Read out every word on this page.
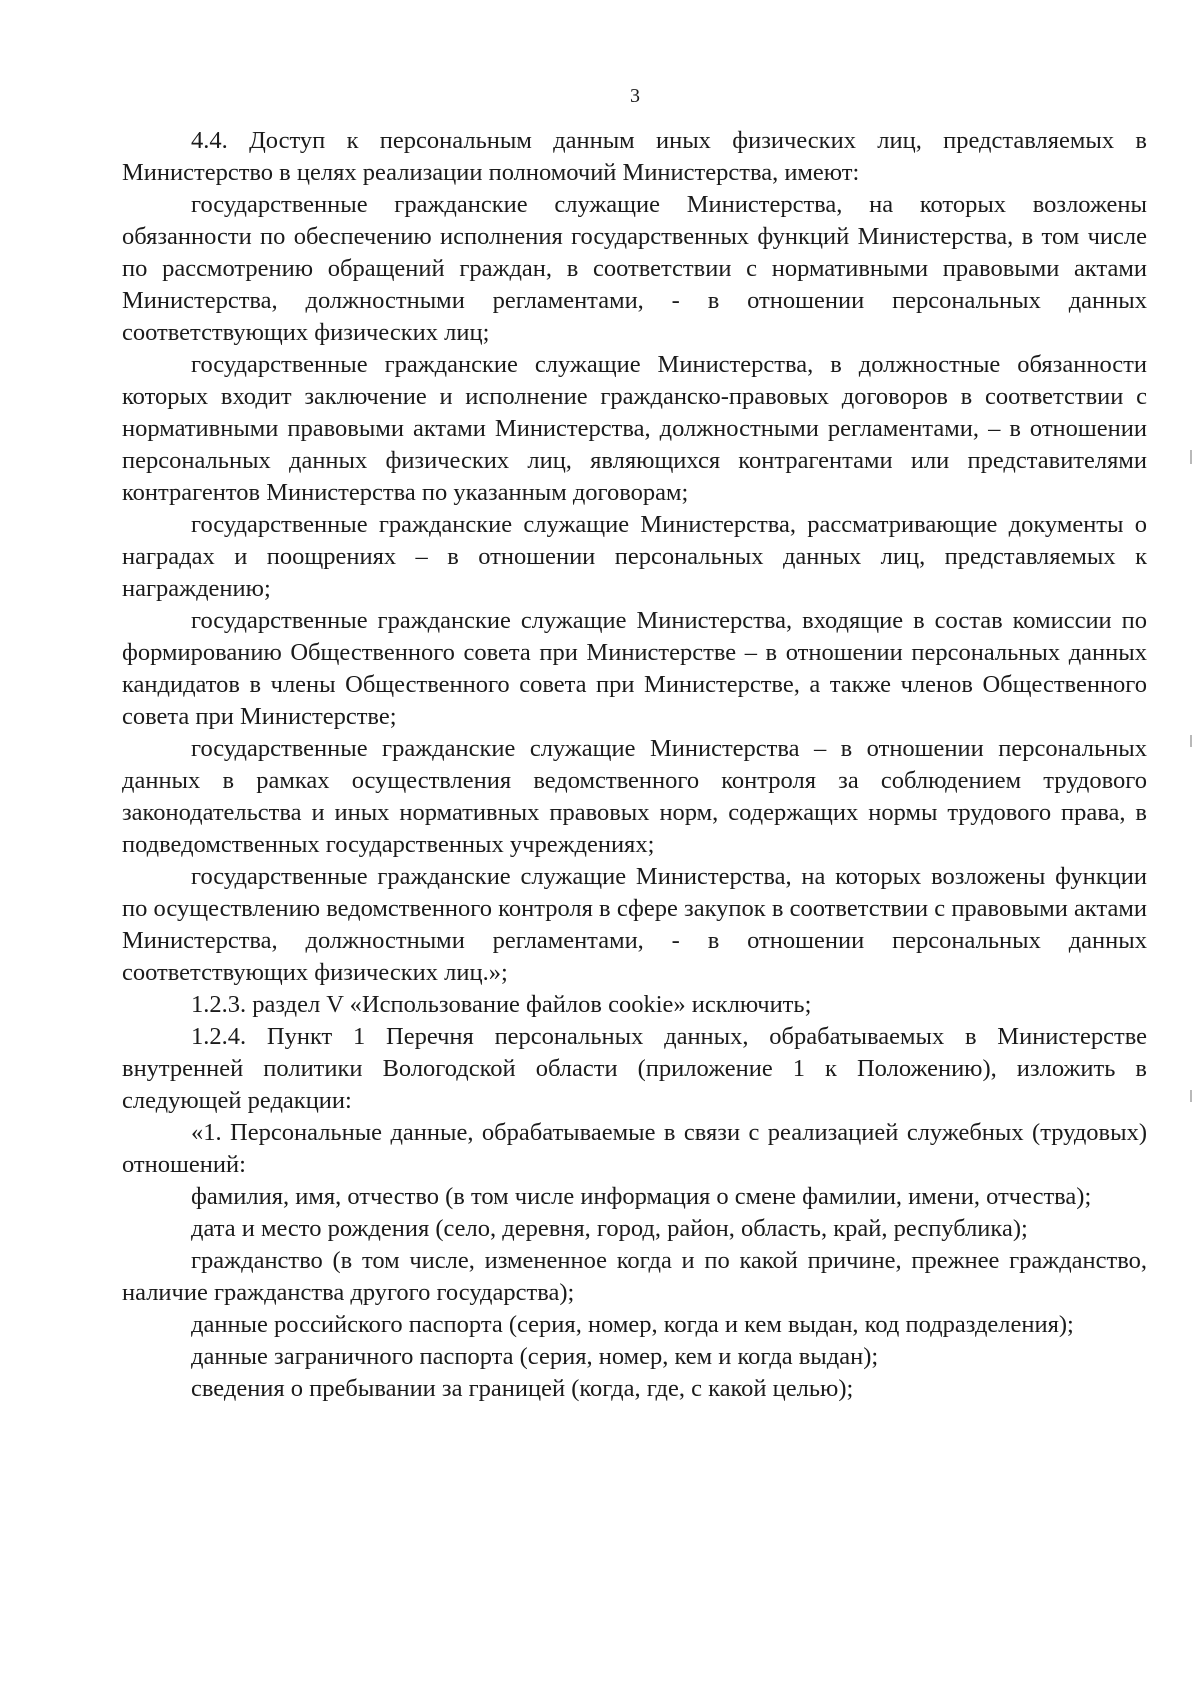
3

4.4. Доступ к персональным данным иных физических лиц, представляемых в Министерство в целях реализации полномочий Министерства, имеют:

государственные гражданские служащие Министерства, на которых возложены обязанности по обеспечению исполнения государственных функций Министерства, в том числе по рассмотрению обращений граждан, в соответствии с нормативными правовыми актами Министерства, должностными регламентами, - в отношении персональных данных соответствующих физических лиц;

государственные гражданские служащие Министерства, в должностные обязанности которых входит заключение и исполнение гражданско-правовых договоров в соответствии с нормативными правовыми актами Министерства, должностными регламентами, – в отношении персональных данных физических лиц, являющихся контрагентами или представителями контрагентов Министерства по указанным договорам;

государственные гражданские служащие Министерства, рассматривающие документы о наградах и поощрениях – в отношении персональных данных лиц, представляемых к награждению;

государственные гражданские служащие Министерства, входящие в состав комиссии по формированию Общественного совета при Министерстве – в отношении персональных данных кандидатов в члены Общественного совета при Министерстве, а также членов Общественного совета при Министерстве;

государственные гражданские служащие Министерства – в отношении персональных данных в рамках осуществления ведомственного контроля за соблюдением трудового законодательства и иных нормативных правовых норм, содержащих нормы трудового права, в подведомственных государственных учреждениях;

государственные гражданские служащие Министерства, на которых возложены функции по осуществлению ведомственного контроля в сфере закупок в соответствии с правовыми актами Министерства, должностными регламентами, - в отношении персональных данных соответствующих физических лиц.»;

1.2.3. раздел V «Использование файлов cookie» исключить;

1.2.4. Пункт 1 Перечня персональных данных, обрабатываемых в Министерстве внутренней политики Вологодской области (приложение 1 к Положению), изложить в следующей редакции:

«1. Персональные данные, обрабатываемые в связи с реализацией служебных (трудовых) отношений:

фамилия, имя, отчество (в том числе информация о смене фамилии, имени, отчества);

дата и место рождения (село, деревня, город, район, область, край, республика);

гражданство (в том числе, измененное когда и по какой причине, прежнее гражданство, наличие гражданства другого государства);

данные российского паспорта (серия, номер, когда и кем выдан, код подразделения);

данные заграничного паспорта (серия, номер, кем и когда выдан);

сведения о пребывании за границей (когда, где, с какой целью);
